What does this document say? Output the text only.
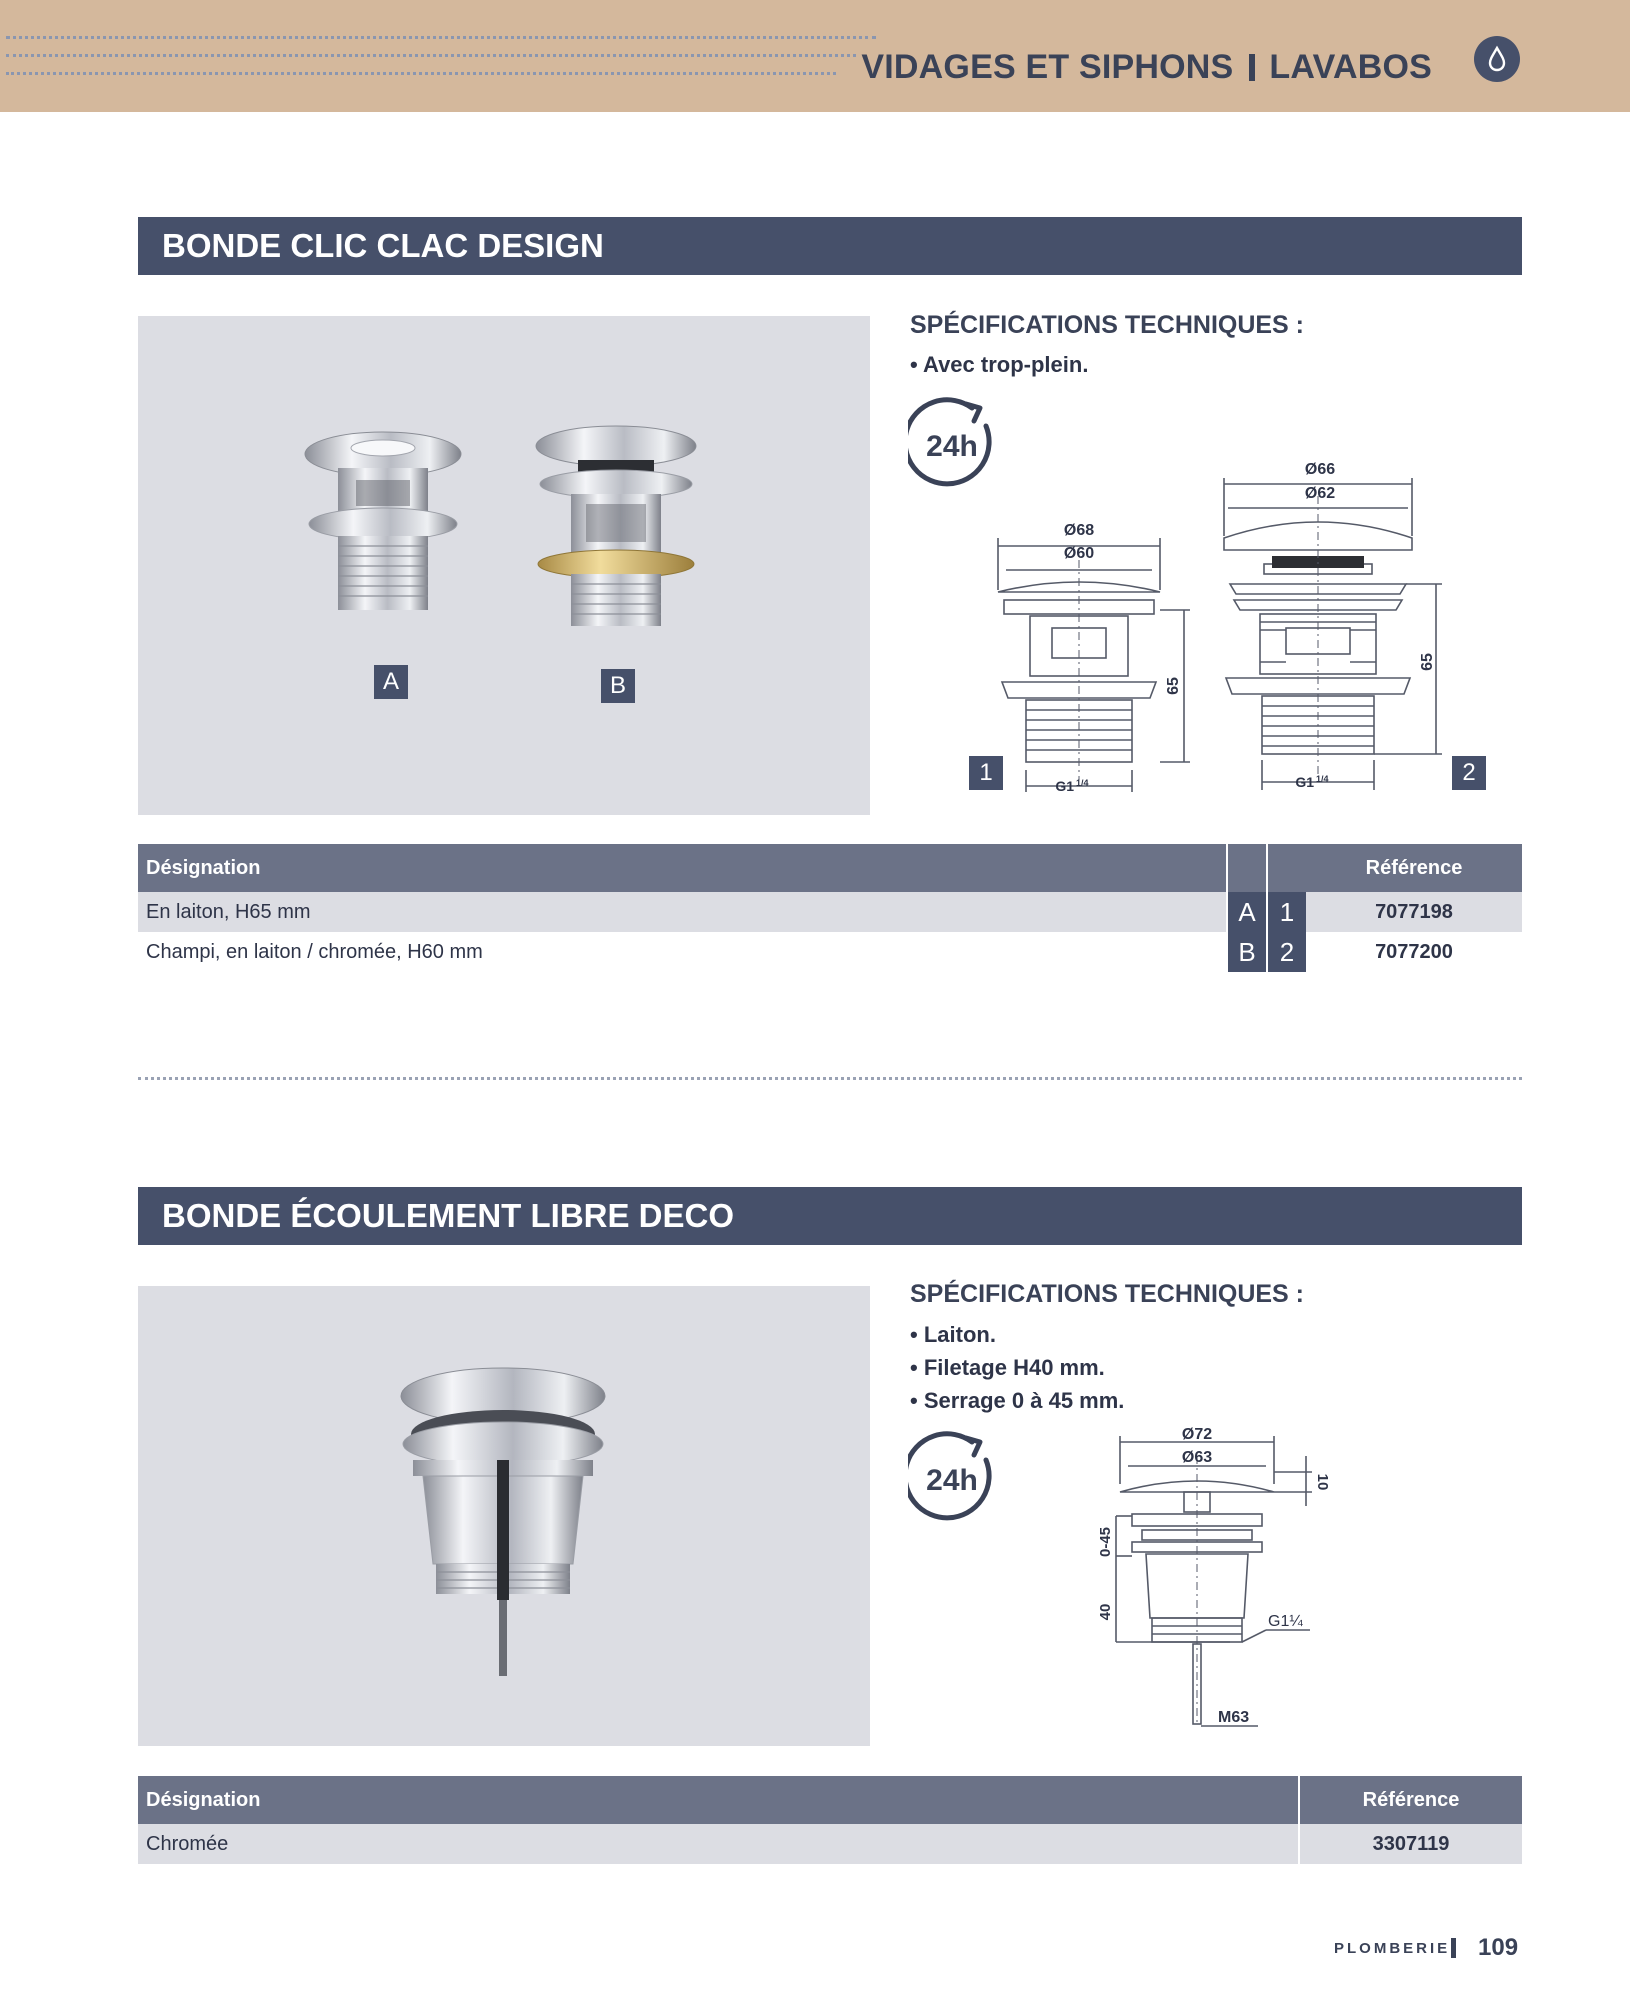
VIDAGES ET SIPHONS LAVABOS
BONDE CLIC CLAC DESIGN
A	B
SPÉCIFICATIONS TECHNIQUES :
• Avec trop-plein.
24h
Ø68
Ø60
65
G1 1/4
1
Ø66
Ø62
65
G1 1/4	2
Désignation			Référence
En laiton, H65 mm	A	1	7077198
Champi, en laiton / chromée, H60 mm	B	2	7077200
BONDE ÉCOULEMENT LIBRE DECO
SPÉCIFICATIONS TECHNIQUES :
• Laiton.
• Filetage H40 mm.
• Serrage 0 à 45 mm.
24h
Ø72
Ø63
10
0-45
40
G1¼
M63
Désignation	Référence
Chromée	3307119
PLOMBERIE 109
